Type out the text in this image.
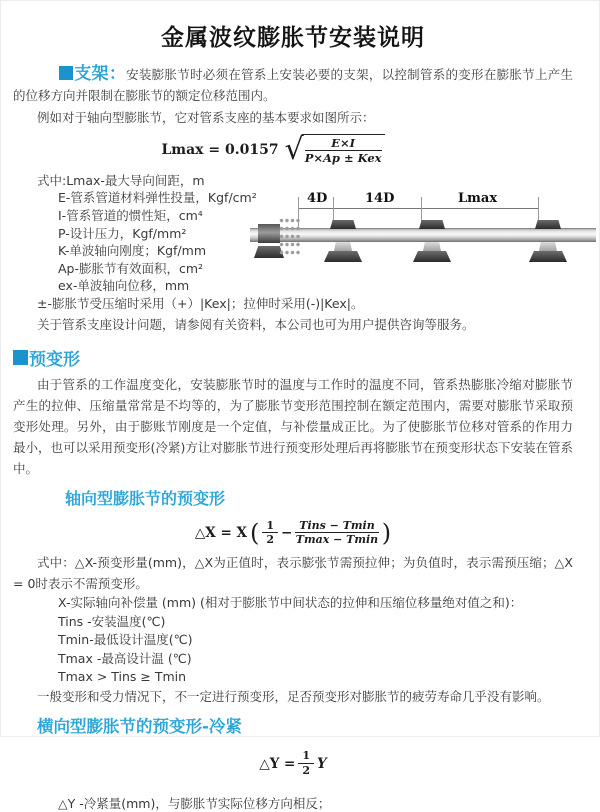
金属波纹膨胀节安装说明

支架：安装膨胀节时必须在管系上安装必要的支架，以控制管系的变形在膨胀节上产生的位移方向并限制在膨胀节的额定位移范围内。

例如对于轴向型膨胀节，它对管系支座的基本要求如图所示：

Lmax = 0.0157 √ $\frac{E\times I}{\text{P×Ap ± Kex}}$
式中:Lmax-最大导向间距，m
E-管系管道材料弹性投量，Kgf/cm²
I-管系管道的惯性矩，cm⁴
P-设计压力，Kgf/mm²
K-单波轴向刚度；Kgf/mm
Ap-膨胀节有效面积，cm²
ex-单波轴向位移，mm
±-膨胀节受压缩时采用（+）|Kex|；拉伸时采用(-)|Kex|。

关于管系支座设计问题，请参阅有关资料，本公司也可为用户提供咨询等服务。

预变形

由于管系的工作温度变化，安装膨胀节时的温度与工作时的温度不同，管系热膨胀冷缩对膨胀节产生的拉伸、压缩量常常是不均等的，为了膨胀节变形范围控制在额定范围内，需要对膨胀节采取预变形处理。另外，由于膨账节刚度是一个定值，与补偿量成正比。为了使膨胀节位移对管系的作用力最小，也可以采用预变形(冷紧)方让对膨胀节进行预变形处理后再将膨胀节在预变形状态下安装在管系中。

轴向型膨胀节的预变形
△X = X ( $\frac{1}{2} - \frac{\text{Tins − Tmin}}{Tmax - Tmin}$ )

式中：△X-预变形量(mm)，△X为正值时，表示膨张节需预拉伸；为负值时，表示需预压缩；△X = 0时表示不需预变形。

X-实际轴向补偿量 (mm) (相对于膨胀节中间状态的拉伸和压缩位移量绝对值之和)：
Tins -安装温度(℃)
Tmin-最低设计温度(℃)
Tmax -最高设计温 (℃)
Tmax > Tins ≥ Tmin

一般变形和受力情况下，不一定进行预变形，足否预变形对膨胀节的疲劳寿命几乎没有影响。

横向型膨胀节的预变形-冷紧
△Y = $\frac{1}{2}$ Y
△Y -冷紧量(mm)，与膨胀节实际位移方向相反；
4D	14D	Lmax
